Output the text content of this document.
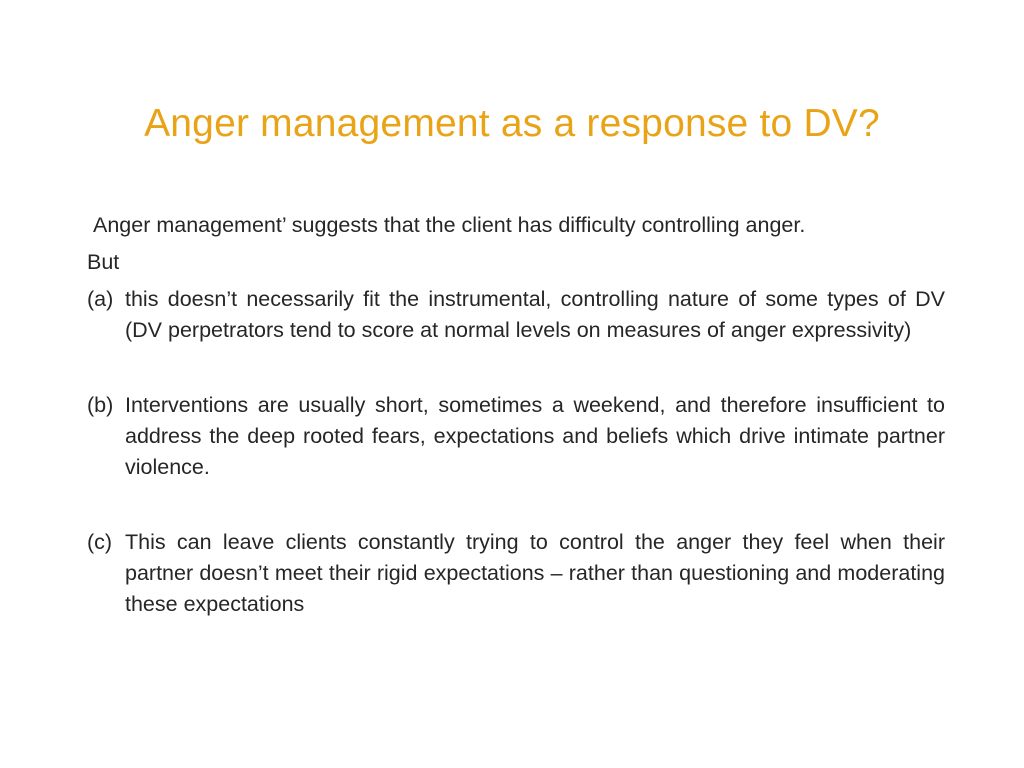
Anger management as a response to DV?

Anger management’ suggests that the client has difficulty controlling anger.

But

(a) this doesn’t necessarily fit the instrumental, controlling nature of some types of DV (DV perpetrators tend to score at normal levels on measures of anger expressivity)

(b) Interventions are usually short, sometimes a weekend, and therefore insufficient to address the deep rooted fears, expectations and beliefs which drive intimate partner violence.

(c) This can leave clients constantly trying to control the anger they feel when their partner doesn’t meet their rigid expectations – rather than questioning and moderating these expectations
